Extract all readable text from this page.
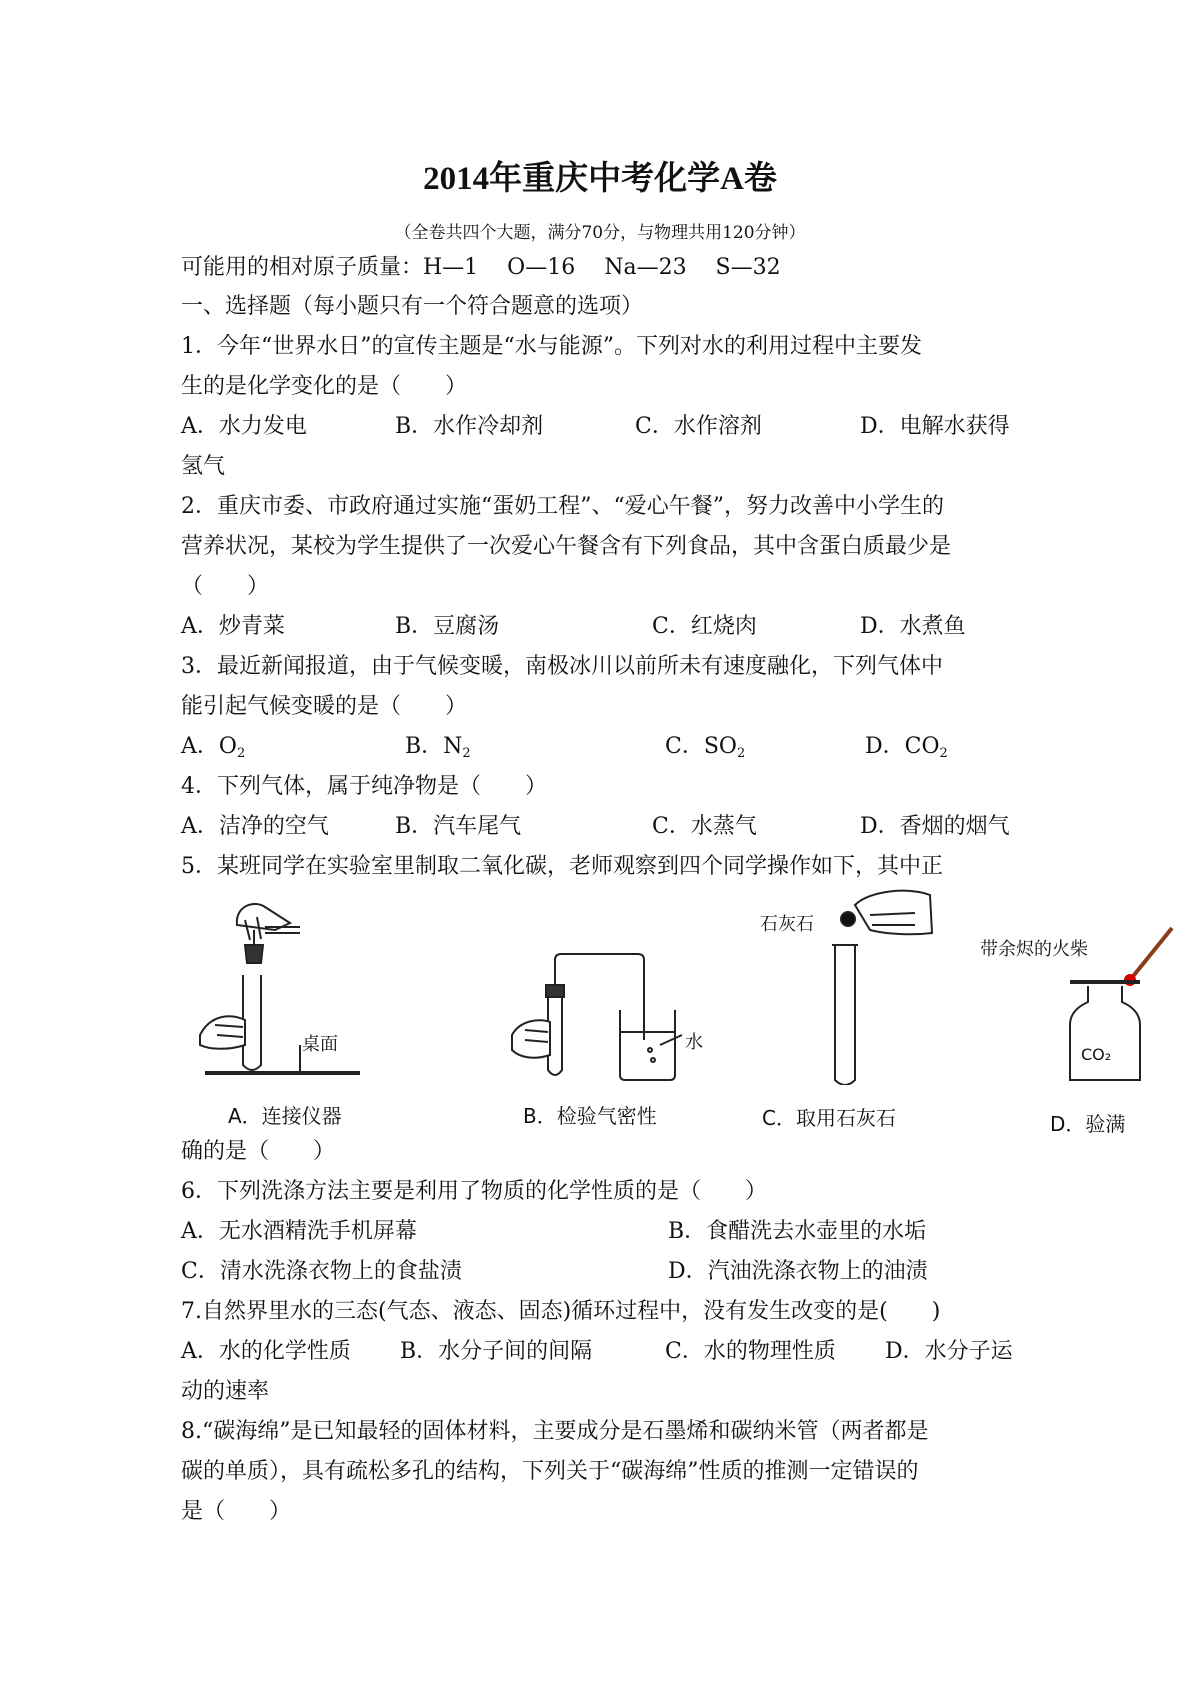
2014年重庆中考化学A卷
（全卷共四个大题，满分70分，与物理共用120分钟）
可能用的相对原子质量：H—1　 O—16　 Na—23　 S—32
一、选择题（每小题只有一个符合题意的选项）
1．今年“世界水日”的宣传主题是“水与能源”。下列对水的利用过程中主要发
生的是化学变化的是（　　）
A．水力发电	B．水作冷却剂	C．水作溶剂	D．电解水获得
氢气
2．重庆市委、市政府通过实施“蛋奶工程”、“爱心午餐”，努力改善中小学生的
营养状况，某校为学生提供了一次爱心午餐含有下列食品，其中含蛋白质最少是
（　　）
A．炒青菜	B．豆腐汤	C．红烧肉	D．水煮鱼
3．最近新闻报道，由于气候变暖，南极冰川以前所未有速度融化，下列气体中
能引起气候变暖的是（　　）
A．$O_2$	B．$N_2$	C．$SO_2$	D．$CO_2$
4．下列气体，属于纯净物是（　　）
A．洁净的空气	B．汽车尾气	C．水蒸气	D．香烟的烟气
5．某班同学在实验室里制取二氧化碳，老师观察到四个同学操作如下，其中正
桌面
A．连接仪器
水
B．检验气密性
石灰石
C．取用石灰石
带余烬的火柴
CO₂
D．验满
确的是（　　）
6．下列洗涤方法主要是利用了物质的化学性质的是（　　）
A．无水酒精洗手机屏幕	B．食醋洗去水壶里的水垢
C．清水洗涤衣物上的食盐渍	D．汽油洗涤衣物上的油渍
7.自然界里水的三态(气态、液态、固态)循环过程中，没有发生改变的是(　　)
A．水的化学性质 B．水分子间的间隔	C．水的物理性质 D．水分子运
动的速率
8.“碳海绵”是已知最轻的固体材料，主要成分是石墨烯和碳纳米管（两者都是
碳的单质），具有疏松多孔的结构，下列关于“碳海绵”性质的推测一定错误的
是（　　）
